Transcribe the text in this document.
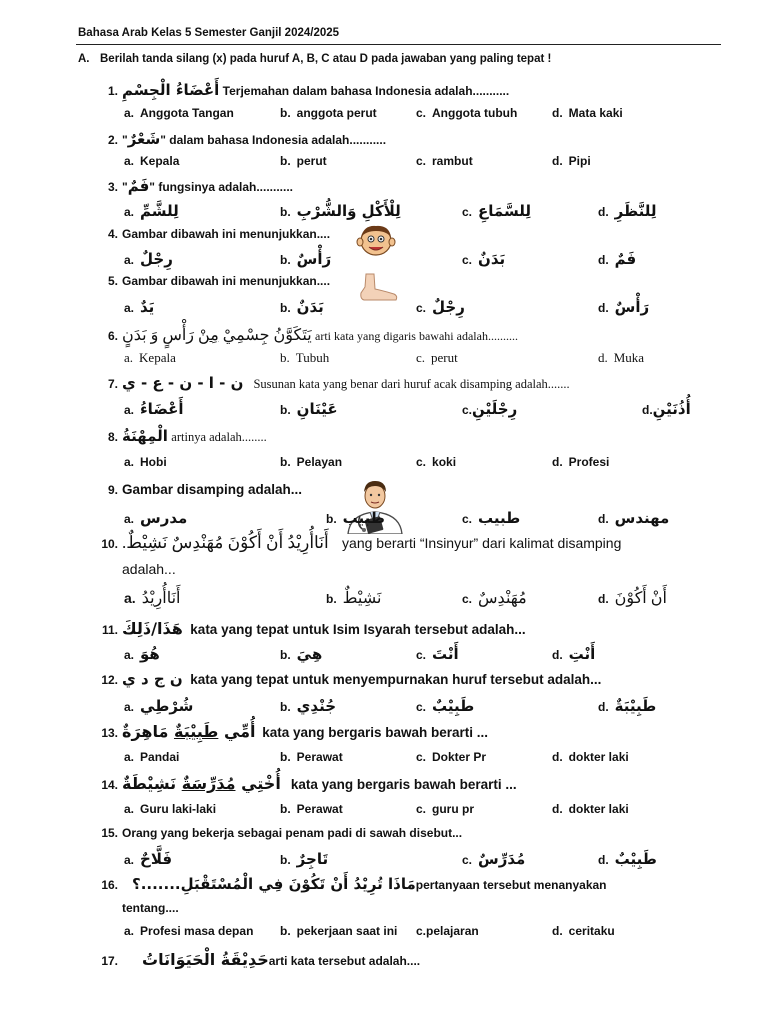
Bahasa Arab Kelas 5 Semester Ganjil 2024/2025
A. Berilah tanda silang (x) pada huruf A, B, C atau D pada jawaban yang paling tepat !
1. أَعْضَاءُ الْجِسْمِ Terjemahan dalam bahasa Indonesia adalah...........
a. Anggota Tangan	b. anggota perut	c. Anggota tubuh	d. Mata kaki
2. "شَعْرٌ" dalam bahasa Indonesia adalah...........
a. Kepala	b. perut	c. rambut	d. Pipi
3. "فَمٌ" fungsinya adalah...........
a. لِلشَّمِّ	b. لِلْأَكْلِ وَالشُّرْبِ	c. لِلسَّمَاعِ	d. لِلنَّظَرِ
4. Gambar dibawah ini menunjukkan....
a. رِجْلٌ	b. رَأْسٌ	c. بَدَنٌ	d. فَمٌ
5. Gambar dibawah ini menunjukkan....
a. يَدٌ	b. بَدَنٌ	c. رِجْلٌ	d. رَأْسٌ
6.	يَتَكَوَّنُ جِسْمِيْ مِنْ رَأْسٍ وَ بَدَنٍ	arti kata yang digaris bawahi adalah..........
a. Kepala	b. Tubuh	c. perut	d. Muka
7. ن - ا - ن - ع - ي Susunan kata yang benar dari huruf acak disamping adalah.......
a. أَعْضَاءُ	b. عَيْنَانِ	c.رِجْلَيْنِ	d.أُذُنَيْنِ
8. الْمِهْنَةُ artinya adalah........
a. Hobi	b. Pelayan	c. koki	d. Profesi
9. Gambar disamping adalah...
a. مدرس	b. طبيب	c. طبيب	d. مهندس
10. أَنَاأُرِيْدُ أَنْ أَكُوْنَ مُهَنْدِسٌ نَشِيْطٌ. yang berarti “Insinyur” dari kalimat disamping
adalah...
a. أَنَاأُرِيْدُ	b. نَشِيْطٌ	c. مُهَنْدِسٌ	d. أَنْ أَكُوْنَ
11. هَذَا/ذَلِكَ kata yang tepat untuk Isim Isyarah tersebut adalah...
a. هُوَ	b. هِيَ	c. أَنْتَ	d. أَنْتِ
12. ن ج د ي kata yang tepat untuk menyempurnakan huruf tersebut adalah...
a. شُرْطِي	b. جُنْدِي	c. طَبِيْبٌ	d. طَبِيْبَةٌ
13.	أُمِّي طَبِيْبَةٌ مَاهِرَةٌ	kata yang bergaris bawah berarti ...
a. Pandai	b. Perawat	c. Dokter Pr	d. dokter laki
14.	أُخْتِي مُدَرِّسَةٌ نَشِيْطَةٌ	kata yang bergaris bawah berarti ...
a. Guru laki-laki	b. Perawat	c. guru pr	d. dokter laki
15. Orang yang bekerja sebagai penam padi di sawah disebut...
a. فَلَّاحٌ	b. تَاجِرٌ	c. مُدَرِّسٌ	d. طَبِيْبٌ
16. مَاذَا تُرِيْدُ أَنْ تَكُوْنَ فِي الْمُسْتَقْبَلِ.......؟pertanyaan tersebut menanyakan
tentang....
a. Profesi masa depan b. pekerjaan saat ini c.pelajaran	d. ceritaku
17. حَدِيْقَةُ الْحَيَوَانَاتُarti kata tersebut adalah....
